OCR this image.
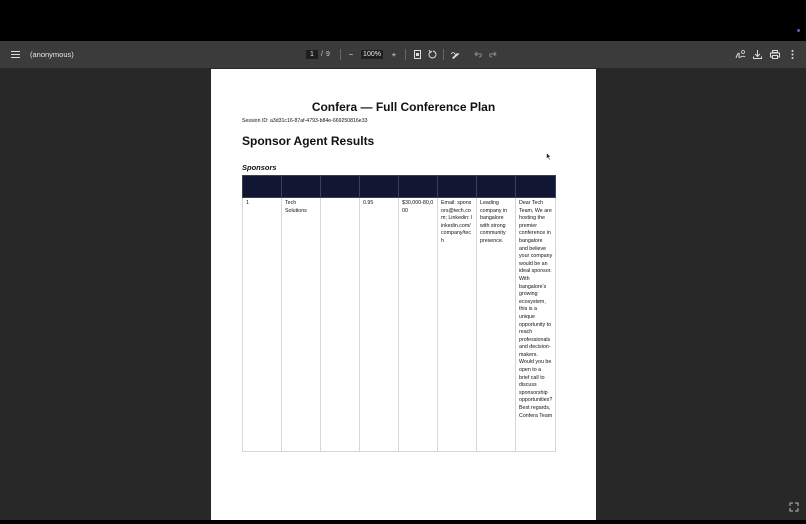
(anonymous)	1	/ 9	−	100%	+
Confera — Full Conference Plan
Session ID: a3d31c16-87af-4793-b84e-669250816e33
Sponsor Agent Results
Sponsors
Rank	Company Name	Industry	Relevance Score	Estimated Budget	Contact Info	Rationale	Outreach Email
1	Tech Solutions		0.95	$30,000-80,000	Email: sponsors@tech.com; Linkedin: linkedin.com/company/tech	Leading company in bangalore with strong community presence.	Dear Tech Team, We are hosting the premier conference in bangalore and believe your company would be an ideal sponsor. With bangalore's growing ecosystem, this is a unique opportunity to reach professionals and decision-makers. Would you be open to a brief call to discuss sponsorship opportunities? Best regards, Confera Team
